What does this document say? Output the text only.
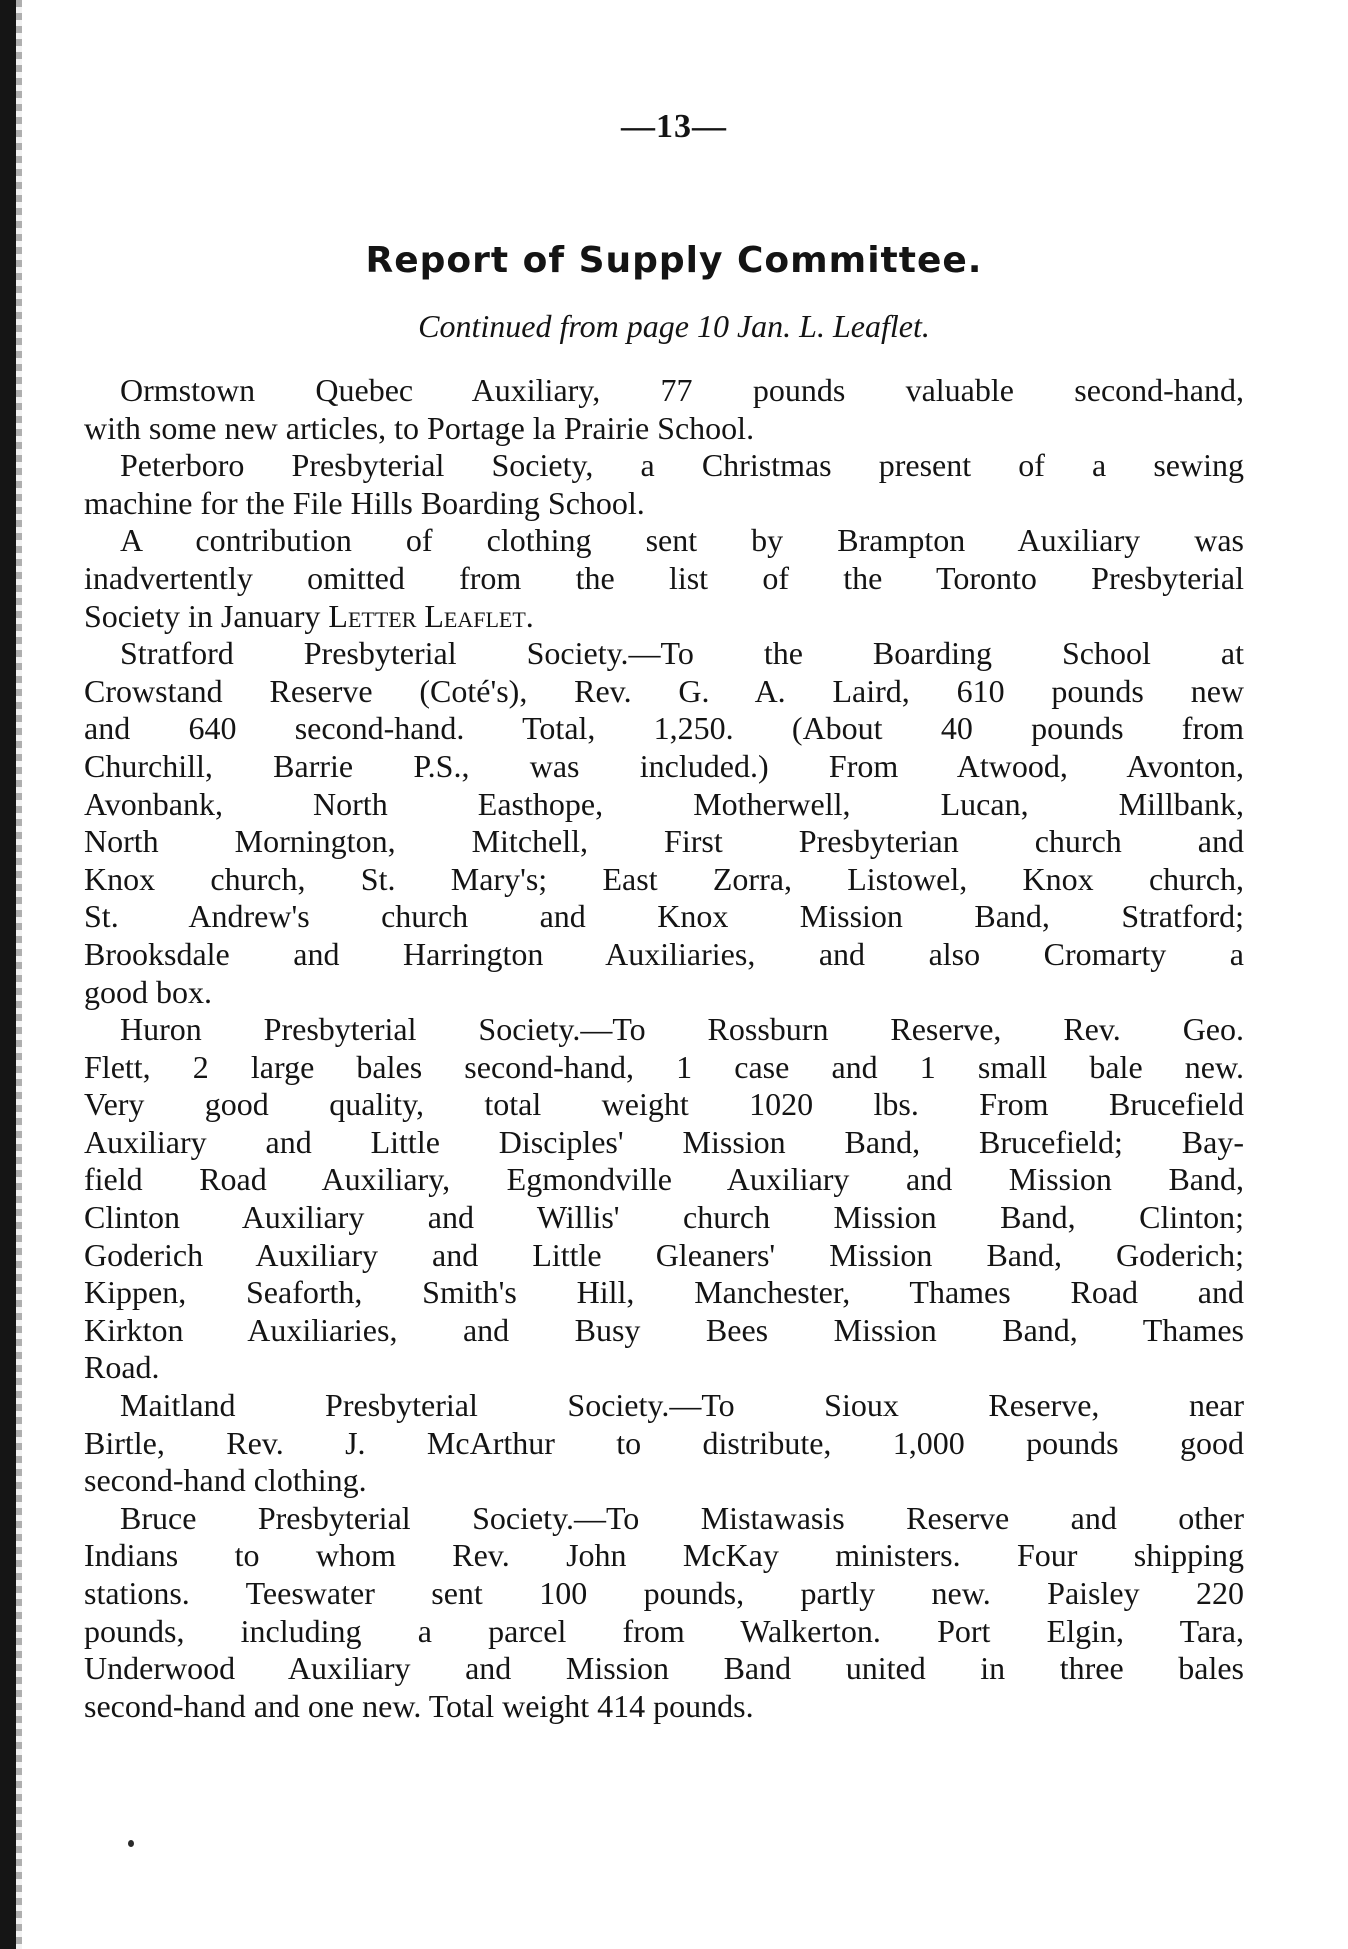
—13—
Report of Supply Committee.
Continued from page 10 Jan. L. Leaflet.
Ormstown Quebec Auxiliary, 77 pounds valuable second-hand,
with some new articles, to Portage la Prairie School.
Peterboro Presbyterial Society, a Christmas present of a sewing
machine for the File Hills Boarding School.
A contribution of clothing sent by Brampton Auxiliary was
inadvertently omitted from the list of the Toronto Presbyterial
Society in January Letter Leaflet.
Stratford Presbyterial Society.—To the Boarding School at
Crowstand Reserve (Coté's), Rev. G. A. Laird, 610 pounds new
and 640 second-hand. Total, 1,250. (About 40 pounds from
Churchill, Barrie P.S., was included.) From Atwood, Avonton,
Avonbank, North Easthope, Motherwell, Lucan, Millbank,
North Mornington, Mitchell, First Presbyterian church and
Knox church, St. Mary's; East Zorra, Listowel, Knox church,
St. Andrew's church and Knox Mission Band, Stratford;
Brooksdale and Harrington Auxiliaries, and also Cromarty a
good box.
Huron Presbyterial Society.—To Rossburn Reserve, Rev. Geo.
Flett, 2 large bales second-hand, 1 case and 1 small bale new.
Very good quality, total weight 1020 lbs. From Brucefield
Auxiliary and Little Disciples' Mission Band, Brucefield; Bay-
field Road Auxiliary, Egmondville Auxiliary and Mission Band,
Clinton Auxiliary and Willis' church Mission Band, Clinton;
Goderich Auxiliary and Little Gleaners' Mission Band, Goderich;
Kippen, Seaforth, Smith's Hill, Manchester, Thames Road and
Kirkton Auxiliaries, and Busy Bees Mission Band, Thames
Road.
Maitland Presbyterial Society.—To Sioux Reserve, near
Birtle, Rev. J. McArthur to distribute, 1,000 pounds good
second-hand clothing.
Bruce Presbyterial Society.—To Mistawasis Reserve and other
Indians to whom Rev. John McKay ministers. Four shipping
stations. Teeswater sent 100 pounds, partly new. Paisley 220
pounds, including a parcel from Walkerton. Port Elgin, Tara,
Underwood Auxiliary and Mission Band united in three bales
second-hand and one new. Total weight 414 pounds.
